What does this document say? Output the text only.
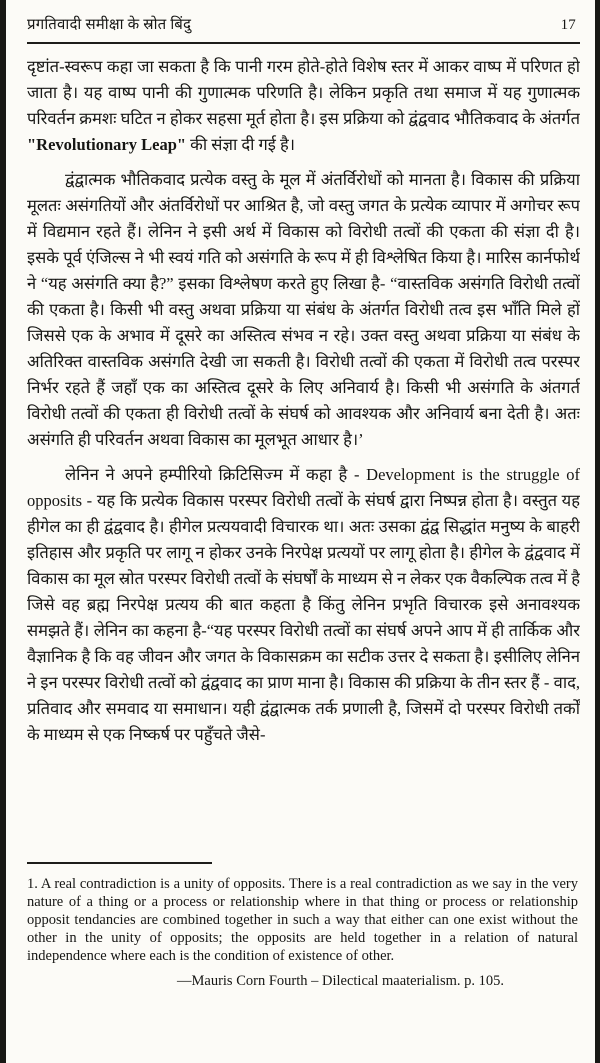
प्रगतिवादी समीक्षा के स्रोत बिंदु	17

दृष्टांत-स्वरूप कहा जा सकता है कि पानी गरम होते-होते विशेष स्तर में आकर वाष्प में परिणत हो जाता है। यह वाष्प पानी की गुणात्मक परिणति है। लेकिन प्रकृति तथा समाज में यह गुणात्मक परिवर्तन क्रमशः घटित न होकर सहसा मूर्त होता है। इस प्रक्रिया को द्वंद्ववाद भौतिकवाद के अंतर्गत "Revolutionary Leap" की संज्ञा दी गई है।

द्वंद्वात्मक भौतिकवाद प्रत्येक वस्तु के मूल में अंतर्विरोधों को मानता है। विकास की प्रक्रिया मूलतः असंगतियों और अंतर्विरोधों पर आश्रित है, जो वस्तु जगत के प्रत्येक व्यापार में अगोचर रूप में विद्यमान रहते हैं। लेनिन ने इसी अर्थ में विकास को विरोधी तत्वों की एकता की संज्ञा दी है। इसके पूर्व एंजिल्स ने भी स्वयं गति को असंगति के रूप में ही विश्लेषित किया है। मारिस कार्नफोर्थ ने “यह असंगति क्या है?” इसका विश्लेषण करते हुए लिखा है- “वास्तविक असंगति विरोधी तत्वों की एकता है। किसी भी वस्तु अथवा प्रक्रिया या संबंध के अंतर्गत विरोधी तत्व इस भाँति मिले हों जिससे एक के अभाव में दूसरे का अस्तित्व संभव न रहे। उक्त वस्तु अथवा प्रक्रिया या संबंध के अतिरिक्त वास्तविक असंगति देखी जा सकती है। विरोधी तत्वों की एकता में विरोधी तत्व परस्पर निर्भर रहते हैं जहाँ एक का अस्तित्व दूसरे के लिए अनिवार्य है। किसी भी असंगति के अंतगर्त विरोधी तत्वों की एकता ही विरोधी तत्वों के संघर्ष को आवश्यक और अनिवार्य बना देती है। अतः असंगति ही परिवर्तन अथवा विकास का मूलभूत आधार है।’

लेनिन ने अपने हम्पीरियो क्रिटिसिज्म में कहा है - Development is the struggle of opposits - यह कि प्रत्येक विकास परस्पर विरोधी तत्वों के संघर्ष द्वारा निष्पन्न होता है। वस्तुत यह हीगेल का ही द्वंद्ववाद है। हीगेल प्रत्ययवादी विचारक था। अतः उसका द्वंद्व सिद्धांत मनुष्य के बाहरी इतिहास और प्रकृति पर लागू न होकर उनके निरपेक्ष प्रत्ययों पर लागू होता है। हीगेल के द्वंद्ववाद में विकास का मूल स्रोत परस्पर विरोधी तत्वों के संघर्षों के माध्यम से न लेकर एक वैकल्पिक तत्व में है जिसे वह ब्रह्म निरपेक्ष प्रत्यय की बात कहता है किंतु लेनिन प्रभृति विचारक इसे अनावश्यक समझते हैं। लेनिन का कहना है-“यह परस्पर विरोधी तत्वों का संघर्ष अपने आप में ही तार्किक और वैज्ञानिक है कि वह जीवन और जगत के विकासक्रम का सटीक उत्तर दे सकता है। इसीलिए लेनिन ने इन परस्पर विरोधी तत्वों को द्वंद्ववाद का प्राण माना है। विकास की प्रक्रिया के तीन स्तर हैं - वाद, प्रतिवाद और समवाद या समाधान। यही द्वंद्वात्मक तर्क प्रणाली है, जिसमें दो परस्पर विरोधी तर्कों के माध्यम से एक निष्कर्ष पर पहुँचते जैसे-

1. A real contradiction is a unity of opposits. There is a real contradiction as we say in the very nature of a thing or a process or relationship where in that thing or process or relationship opposit tendancies are combined together in such a way that either can one exist without the other in the unity of opposits; the opposits are held together in a relation of natural independence where each is the condition of existence of other.
—Mauris Corn Fourth – Dilectical maaterialism. p. 105.
